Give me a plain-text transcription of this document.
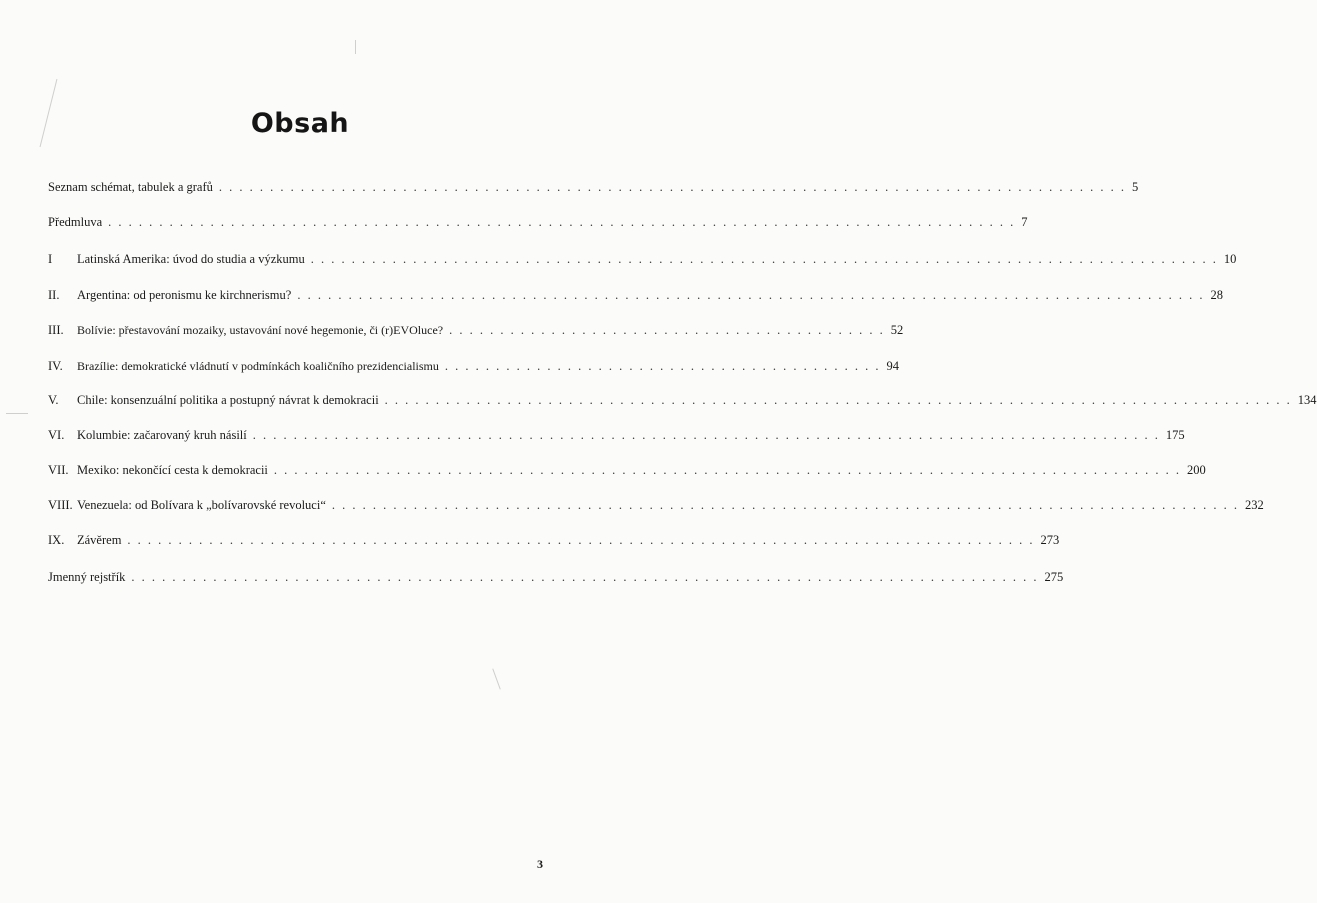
Obsah
Seznam schémat, tabulek a grafů . . . . . . . . . . . . . . . . . . . . . . . . . . . . . . . . . . . . . . . . . . . . . . . . . . . . . . . . . . . . . . . . . . . . . . . . . . . . . . . . . . . . . . . . . 5
Předmluva . . . . . . . . . . . . . . . . . . . . . . . . . . . . . . . . . . . . . . . . . . . . . . . . . . . . . . . . . . . . . . . . . . . . . . . . . . . . . . . . . . . . . . . . . 7
I	Latinská Amerika: úvod do studia a výzkumu . . . . . . . . . . . . . . . . . . . . . . . . . . . . . . . . . . . . . . . . . . . . . . . . . . . . . . . . . . . . . . . . . . . . . . . . . . . . . . . . . . . . . . . . . 10
II.	Argentina: od peronismu ke kirchnerismu? . . . . . . . . . . . . . . . . . . . . . . . . . . . . . . . . . . . . . . . . . . . . . . . . . . . . . . . . . . . . . . . . . . . . . . . . . . . . . . . . . . . . . . . . . 28
III.	Bolívie: přestavování mozaiky, ustavování nové hegemonie, či (r)EVOluce? . . . . . . . . . . . . . . . . . . . . . . . . . . . . . . . . . . . . . . . . . . . 52
IV.	Brazílie: demokratické vládnutí v podmínkách koaličního prezidencialismu . . . . . . . . . . . . . . . . . . . . . . . . . . . . . . . . . . . . . . . . . . . 94
V.	Chile: konsenzuální politika a postupný návrat k demokracii . . . . . . . . . . . . . . . . . . . . . . . . . . . . . . . . . . . . . . . . . . . . . . . . . . . . . . . . . . . . . . . . . . . . . . . . . . . . . . . . . . . . . . . . . 134
VI.	Kolumbie: začarovaný kruh násilí . . . . . . . . . . . . . . . . . . . . . . . . . . . . . . . . . . . . . . . . . . . . . . . . . . . . . . . . . . . . . . . . . . . . . . . . . . . . . . . . . . . . . . . . . 175
VII. Mexiko: nekončící cesta k demokracii . . . . . . . . . . . . . . . . . . . . . . . . . . . . . . . . . . . . . . . . . . . . . . . . . . . . . . . . . . . . . . . . . . . . . . . . . . . . . . . . . . . . . . . . . 200
VIII. Venezuela: od Bolívara k „bolívarovské revoluci“ . . . . . . . . . . . . . . . . . . . . . . . . . . . . . . . . . . . . . . . . . . . . . . . . . . . . . . . . . . . . . . . . . . . . . . . . . . . . . . . . . . . . . . . . . 232
IX.	Závěrem . . . . . . . . . . . . . . . . . . . . . . . . . . . . . . . . . . . . . . . . . . . . . . . . . . . . . . . . . . . . . . . . . . . . . . . . . . . . . . . . . . . . . . . . . 273
Jmenný rejstřík . . . . . . . . . . . . . . . . . . . . . . . . . . . . . . . . . . . . . . . . . . . . . . . . . . . . . . . . . . . . . . . . . . . . . . . . . . . . . . . . . . . . . . . . . 275
3
